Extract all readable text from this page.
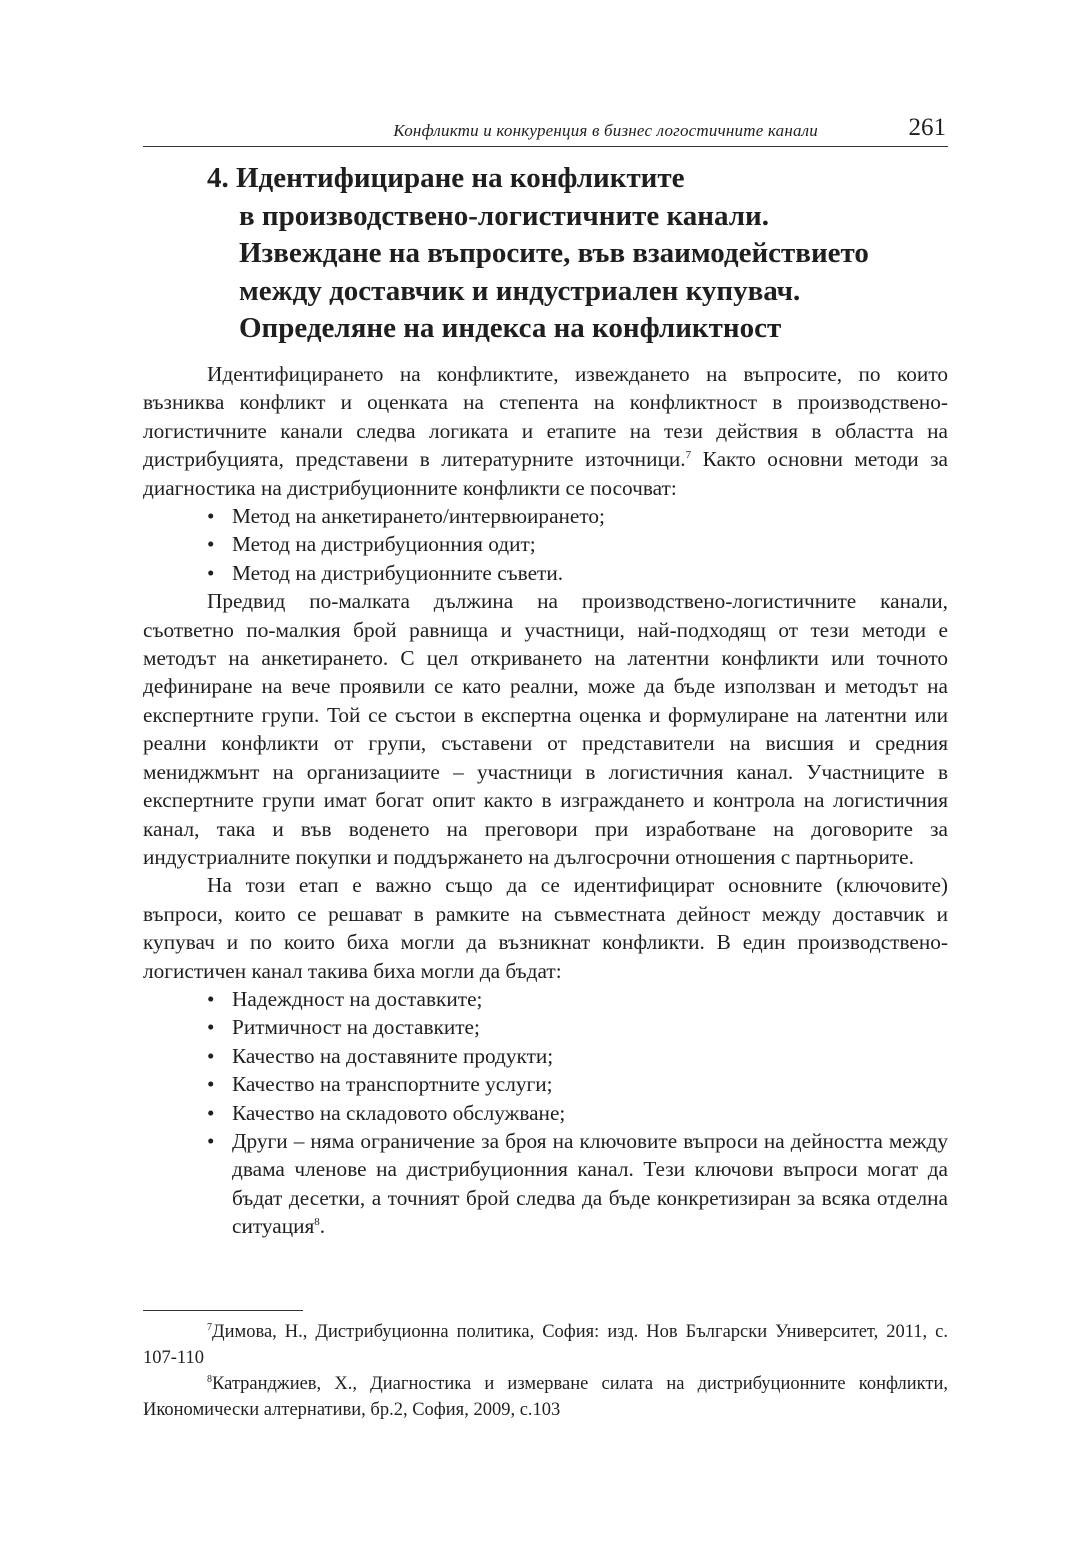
Конфликти и конкуренция в бизнес логостичните канали	261
4. Идентифициране на конфликтите
в производствено-логистичните канали.
Извеждане на въпросите, във взаимодействието
между доставчик и индустриален купувач.
Определяне на индекса на конфликтност

Идентифицирането на конфликтите, извеждането на въпросите, по които възниква конфликт и оценката на степента на конфликтност в производствено-логистичните канали следва логиката и етапите на тези действия в областта на дистрибуцията, представени в литературните източници.$^7$ Както основни методи за диагностика на дистрибуционните конфликти се посочват:

• Метод на анкетирането/интервюирането;
• Метод на дистрибуционния одит;
• Метод на дистрибуционните съвети.

Предвид по-малката дължина на производствено-логистичните канали, съответно по-малкия брой равнища и участници, най-подходящ от тези методи е методът на анкетирането. С цел откриването на латентни конфликти или точното дефиниране на вече проявили се като реални, може да бъде използван и методът на експертните групи. Той се състои в експертна оценка и формулиране на латентни или реални конфликти от групи, съставени от представители на висшия и средния мениджмънт на организациите – участници в логистичния канал. Участниците в експертните групи имат богат опит както в изграждането и контрола на логистичния канал, така и във воденето на преговори при изработване на договорите за индустриалните покупки и поддържането на дългосрочни отношения с партньорите.

На този етап е важно също да се идентифицират основните (ключовите) въпроси, които се решават в рамките на съвместната дейност между доставчик и купувач и по които биха могли да възникнат конфликти. В един производствено-логистичен канал такива биха могли да бъдат:

• Надеждност на доставките;
• Ритмичност на доставките;
• Качество на доставяните продукти;
• Качество на транспортните услуги;
• Качество на складовото обслужване;
• Други – няма ограничение за броя на ключовите въпроси на дейността между двама членове на дистрибуционния канал. Тези ключови въпроси могат да бъдат десетки, а точният брой следва да бъде конкретизиран за всяка отделна ситуация$^8$.

$^7$Димова, Н., Дистрибуционна политика, София: изд. Нов Български Университет, 2011, с. 107-110

$^8$Катранджиев, Х., Диагностика и измерване силата на дистрибуционните конфликти, Икономически алтернативи, бр.2, София, 2009, с.103
